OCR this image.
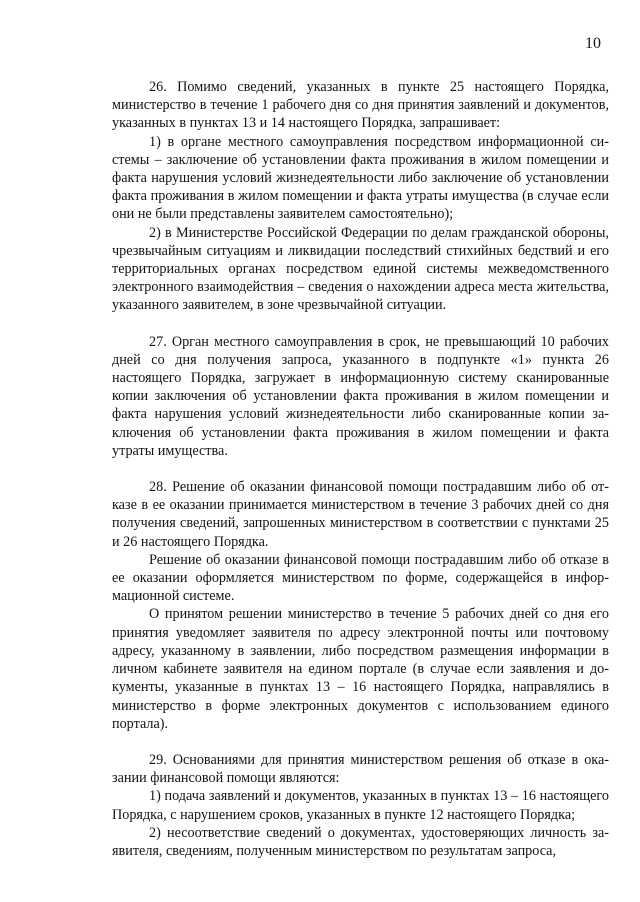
10

26. Помимо сведений, указанных в пункте 25 настоящего Порядка, министерство в течение 1 рабочего дня со дня принятия заявлений и документов, указанных в пунктах 13 и 14 настоящего Порядка, запрашивает:

1) в органе местного самоуправления посредством информационной системы – заключение об установлении факта проживания в жилом помещении и факта нарушения условий жизнедеятельности либо заключение об установлении факта проживания в жилом помещении и факта утраты имущества (в случае если они не были представлены заявителем самостоятельно);

2) в Министерстве Российской Федерации по делам гражданской обороны, чрезвычайным ситуациям и ликвидации последствий стихийных бедствий и его территориальных органах посредством единой системы межведомственного электронного взаимодействия – сведения о нахождении адреса места жительства, указанного заявителем, в зоне чрезвычайной ситуации.

27. Орган местного самоуправления в срок, не превышающий 10 рабочих дней со дня получения запроса, указанного в подпункте «1» пункта 26 настоящего Порядка, загружает в информационную систему сканированные копии заключения об установлении факта проживания в жилом помещении и факта нарушения условий жизнедеятельности либо сканированные копии заключения об установлении факта проживания в жилом помещении и факта утраты имущества.

28. Решение об оказании финансовой помощи пострадавшим либо об отказе в ее оказании принимается министерством в течение 3 рабочих дней со дня получения сведений, запрошенных министерством в соответствии с пунктами 25 и 26 настоящего Порядка.

Решение об оказании финансовой помощи пострадавшим либо об отказе в ее оказании оформляется министерством по форме, содержащейся в информационной системе.

О принятом решении министерство в течение 5 рабочих дней со дня его принятия уведомляет заявителя по адресу электронной почты или почтовому адресу, указанному в заявлении, либо посредством размещения информации в личном кабинете заявителя на едином портале (в случае если заявления и документы, указанные в пунктах 13 – 16 настоящего Порядка, направлялись в министерство в форме электронных документов с использованием единого портала).

29. Основаниями для принятия министерством решения об отказе в оказании финансовой помощи являются:

1) подача заявлений и документов, указанных в пунктах 13 – 16 настоящего Порядка, с нарушением сроков, указанных в пункте 12 настоящего Порядка;

2) несоответствие сведений о документах, удостоверяющих личность заявителя, сведениям, полученным министерством по результатам запроса,
